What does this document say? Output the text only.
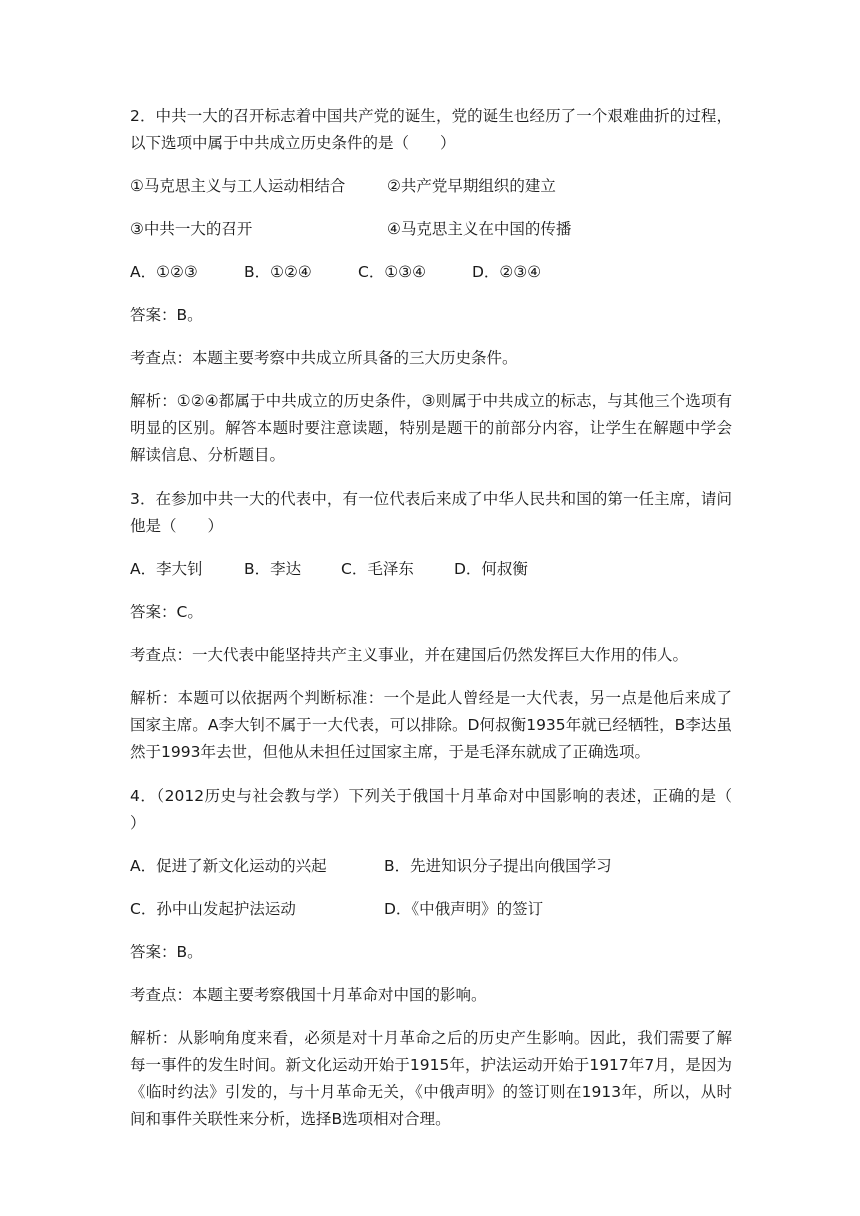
2．中共一大的召开标志着中国共产党的诞生，党的诞生也经历了一个艰难曲折的过程，以下选项中属于中共成立历史条件的是（　　）

①马克思主义与工人运动相结合	②共产党早期组织的建立
③中共一大的召开	④马克思主义在中国的传播
A．①②③	B．①②④	C．①③④	D．②③④

答案：B。

考查点：本题主要考察中共成立所具备的三大历史条件。

解析：①②④都属于中共成立的历史条件，③则属于中共成立的标志，与其他三个选项有明显的区别。解答本题时要注意读题，特别是题干的前部分内容，让学生在解题中学会解读信息、分析题目。

3．在参加中共一大的代表中，有一位代表后来成了中华人民共和国的第一任主席，请问他是（　　）

A．李大钊	B．李达	C．毛泽东	D．何叔衡

答案：C。

考查点：一大代表中能坚持共产主义事业，并在建国后仍然发挥巨大作用的伟人。

解析：本题可以依据两个判断标准：一个是此人曾经是一大代表，另一点是他后来成了国家主席。A李大钊不属于一大代表，可以排除。D何叔衡1935年就已经牺牲，B李达虽然于1993年去世，但他从未担任过国家主席，于是毛泽东就成了正确选项。

4．（2012历史与社会教与学）下列关于俄国十月革命对中国影响的表述，正确的是（　　）

A．促进了新文化运动的兴起	B．先进知识分子提出向俄国学习
C．孙中山发起护法运动	D．《中俄声明》的签订

答案：B。

考查点：本题主要考察俄国十月革命对中国的影响。

解析：从影响角度来看，必须是对十月革命之后的历史产生影响。因此，我们需要了解每一事件的发生时间。新文化运动开始于1915年，护法运动开始于1917年7月，是因为《临时约法》引发的，与十月革命无关，《中俄声明》的签订则在1913年，所以，从时间和事件关联性来分析，选择B选项相对合理。
